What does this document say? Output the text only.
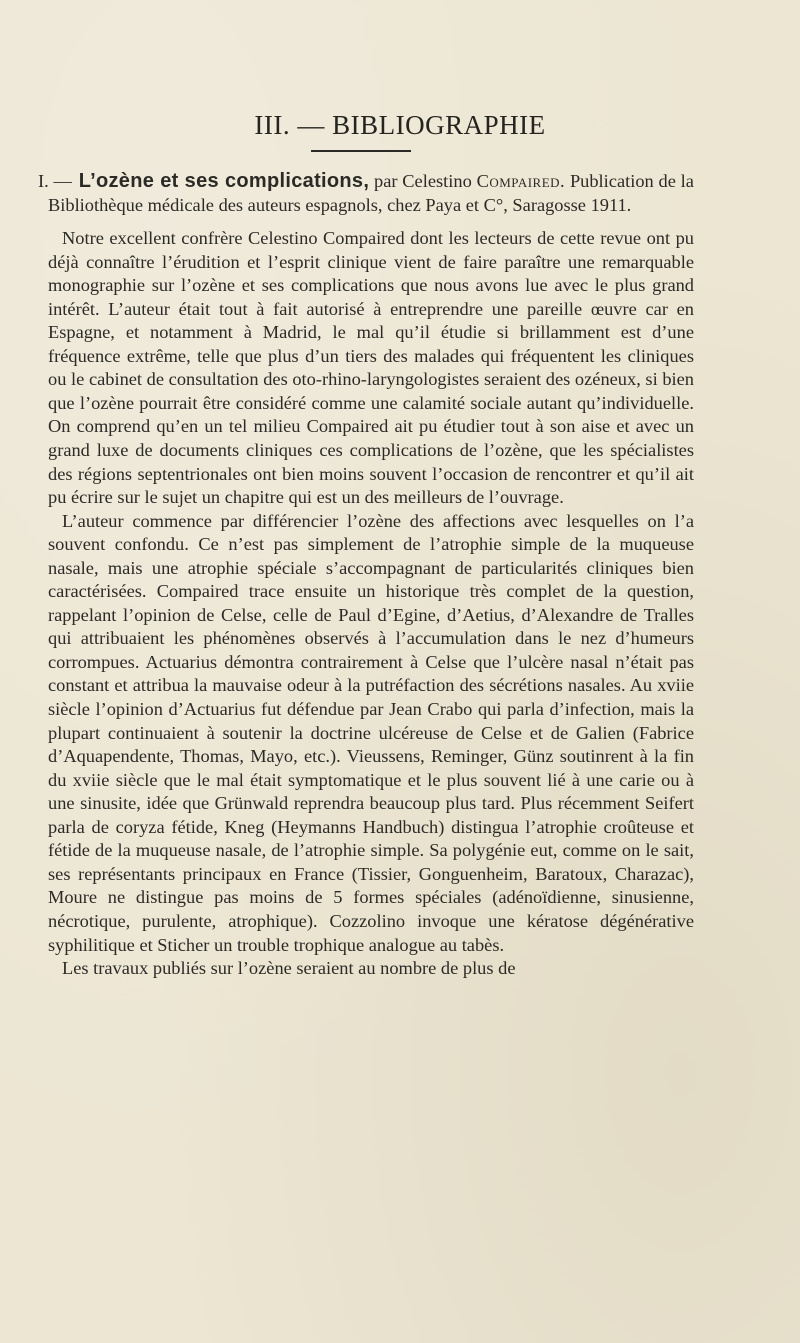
III. — BIBLIOGRAPHIE

I. — L’ozène et ses complications, par Celestino Compaired. Publication de la Bibliothèque médicale des auteurs espagnols, chez Paya et C°, Saragosse 1911.

Notre excellent confrère Celestino Compaired dont les lecteurs de cette revue ont pu déjà connaître l’érudition et l’esprit clinique vient de faire paraître une remarquable monographie sur l’ozène et ses complications que nous avons lue avec le plus grand intérêt. L’auteur était tout à fait autorisé à entreprendre une pareille œuvre car en Espagne, et notamment à Madrid, le mal qu’il étudie si brillamment est d’une fréquence extrême, telle que plus d’un tiers des malades qui fréquentent les cliniques ou le cabinet de consultation des oto-rhino-laryngologistes seraient des ozéneux, si bien que l’ozène pourrait être considéré comme une calamité sociale autant qu’individuelle. On comprend qu’en un tel milieu Compaired ait pu étudier tout à son aise et avec un grand luxe de documents cliniques ces complications de l’ozène, que les spécialistes des régions septentrionales ont bien moins souvent l’occasion de rencontrer et qu’il ait pu écrire sur le sujet un chapitre qui est un des meilleurs de l’ouvrage.

L’auteur commence par différencier l’ozène des affections avec lesquelles on l’a souvent confondu. Ce n’est pas simplement de l’atrophie simple de la muqueuse nasale, mais une atrophie spéciale s’accompagnant de particularités cliniques bien caractérisées. Compaired trace ensuite un historique très complet de la question, rappelant l’opinion de Celse, celle de Paul d’Egine, d’Aetius, d’Alexandre de Tralles qui attribuaient les phénomènes observés à l’accumulation dans le nez d’humeurs corrompues. Actuarius démontra contrairement à Celse que l’ulcère nasal n’était pas constant et attribua la mauvaise odeur à la putréfaction des sécrétions nasales. Au xviie siècle l’opinion d’Actuarius fut défendue par Jean Crabo qui parla d’infection, mais la plupart continuaient à soutenir la doctrine ulcéreuse de Celse et de Galien (Fabrice d’Aquapendente, Thomas, Mayo, etc.). Vieussens, Reminger, Günz soutinrent à la fin du xviie siècle que le mal était symptomatique et le plus souvent lié à une carie ou à une sinusite, idée que Grünwald reprendra beaucoup plus tard. Plus récemment Seifert parla de coryza fétide, Kneg (Heymanns Handbuch) distingua l’atrophie croûteuse et fétide de la muqueuse nasale, de l’atrophie simple. Sa polygénie eut, comme on le sait, ses représentants principaux en France (Tissier, Gonguenheim, Baratoux, Charazac), Moure ne distingue pas moins de 5 formes spéciales (adénoïdienne, sinusienne, nécrotique, purulente, atrophique). Cozzolino invoque une kératose dégénérative syphilitique et Sticher un trouble trophique analogue au tabès.

Les travaux publiés sur l’ozène seraient au nombre de plus de
